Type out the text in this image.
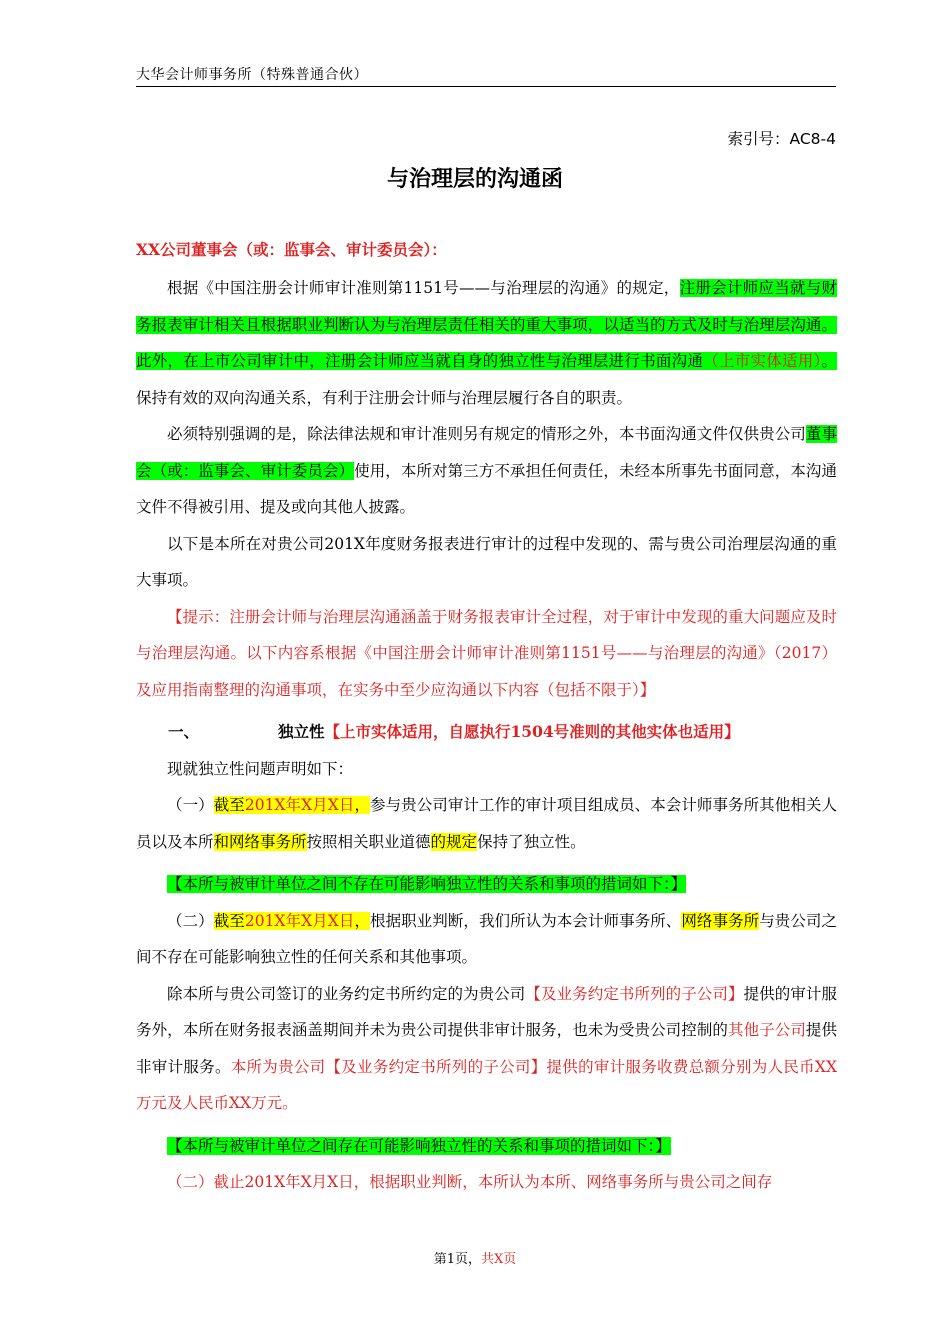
大华会计师事务所（特殊普通合伙）
索引号：AC8-4
与治理层的沟通函
XX公司董事会（或：监事会、审计委员会）：

根据《中国注册会计师审计准则第1151号——与治理层的沟通》的规定，注册会计师应当就与财务报表审计相关且根据职业判断认为与治理层责任相关的重大事项，以适当的方式及时与治理层沟通。此外，在上市公司审计中，注册会计师应当就自身的独立性与治理层进行书面沟通（上市实体适用）。保持有效的双向沟通关系，有利于注册会计师与治理层履行各自的职责。

必须特别强调的是，除法律法规和审计准则另有规定的情形之外，本书面沟通文件仅供贵公司董事会（或：监事会、审计委员会）使用，本所对第三方不承担任何责任，未经本所事先书面同意，本沟通文件不得被引用、提及或向其他人披露。

以下是本所在对贵公司201X年度财务报表进行审计的过程中发现的、需与贵公司治理层沟通的重大事项。

【提示：注册会计师与治理层沟通涵盖于财务报表审计全过程，对于审计中发现的重大问题应及时与治理层沟通。以下内容系根据《中国注册会计师审计准则第1151号——与治理层的沟通》（2017）及应用指南整理的沟通事项，在实务中至少应沟通以下内容（包括不限于）】

一、	独立性 【上市实体适用，自愿执行1504号准则的其他实体也适用】

现就独立性问题声明如下：

（一）截至201X年X月X日，参与贵公司审计工作的审计项目组成员、本会计师事务所其他相关人员以及本所和网络事务所按照相关职业道德的规定保持了独立性。

【本所与被审计单位之间不存在可能影响独立性的关系和事项的措词如下：】

（二）截至201X年X月X日，根据职业判断，我们所认为本会计师事务所、网络事务所与贵公司之间不存在可能影响独立性的任何关系和其他事项。

除本所与贵公司签订的业务约定书所约定的为贵公司【及业务约定书所列的子公司】提供的审计服务外，本所在财务报表涵盖期间并未为贵公司提供非审计服务，也未为受贵公司控制的其他子公司提供非审计服务。本所为贵公司【及业务约定书所列的子公司】提供的审计服务收费总额分别为人民币XX万元及人民币XX万元。

【本所与被审计单位之间存在可能影响独立性的关系和事项的措词如下：】

（二）截止201X年X月X日，根据职业判断，本所认为本所、网络事务所与贵公司之间存

第1页，共X页
